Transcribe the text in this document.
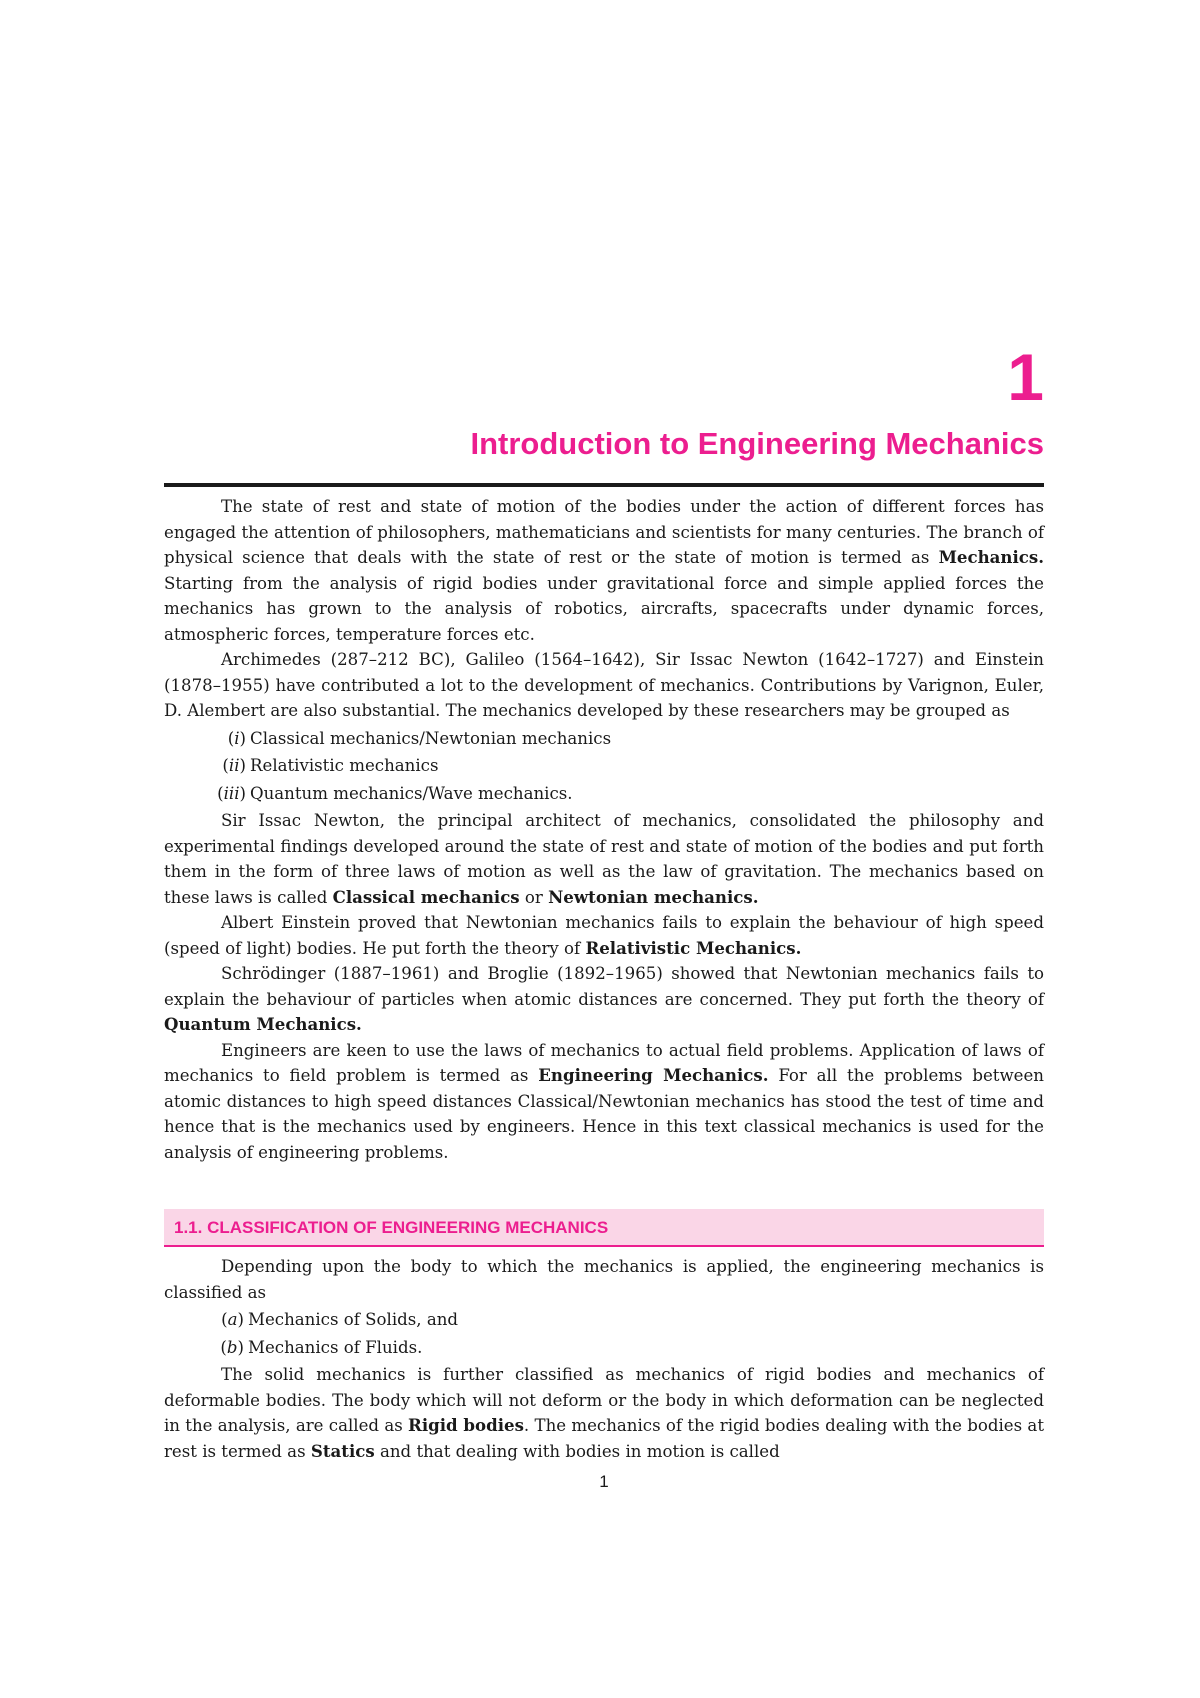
1
Introduction to Engineering Mechanics

The state of rest and state of motion of the bodies under the action of different forces has engaged the attention of philosophers, mathematicians and scientists for many centuries. The branch of physical science that deals with the state of rest or the state of motion is termed as Mechanics. Starting from the analysis of rigid bodies under gravitational force and simple applied forces the mechanics has grown to the analysis of robotics, aircrafts, spacecrafts under dynamic forces, atmospheric forces, temperature forces etc.

Archimedes (287–212 BC), Galileo (1564–1642), Sir Issac Newton (1642–1727) and Einstein (1878–1955) have contributed a lot to the development of mechanics. Contributions by Varignon, Euler, D. Alembert are also substantial. The mechanics developed by these researchers may be grouped as

(i) Classical mechanics/Newtonian mechanics
(ii) Relativistic mechanics
(iii) Quantum mechanics/Wave mechanics.

Sir Issac Newton, the principal architect of mechanics, consolidated the philosophy and experimental findings developed around the state of rest and state of motion of the bodies and put forth them in the form of three laws of motion as well as the law of gravitation. The mechanics based on these laws is called Classical mechanics or Newtonian mechanics.

Albert Einstein proved that Newtonian mechanics fails to explain the behaviour of high speed (speed of light) bodies. He put forth the theory of Relativistic Mechanics.

Schrödinger (1887–1961) and Broglie (1892–1965) showed that Newtonian mechanics fails to explain the behaviour of particles when atomic distances are concerned. They put forth the theory of Quantum Mechanics.

Engineers are keen to use the laws of mechanics to actual field problems. Application of laws of mechanics to field problem is termed as Engineering Mechanics. For all the problems between atomic distances to high speed distances Classical/Newtonian mechanics has stood the test of time and hence that is the mechanics used by engineers. Hence in this text classical mechanics is used for the analysis of engineering problems.

1.1. CLASSIFICATION OF ENGINEERING MECHANICS

Depending upon the body to which the mechanics is applied, the engineering mechanics is classified as

(a) Mechanics of Solids, and
(b) Mechanics of Fluids.

The solid mechanics is further classified as mechanics of rigid bodies and mechanics of deformable bodies. The body which will not deform or the body in which deformation can be neglected in the analysis, are called as Rigid bodies. The mechanics of the rigid bodies dealing with the bodies at rest is termed as Statics and that dealing with bodies in motion is called

1
